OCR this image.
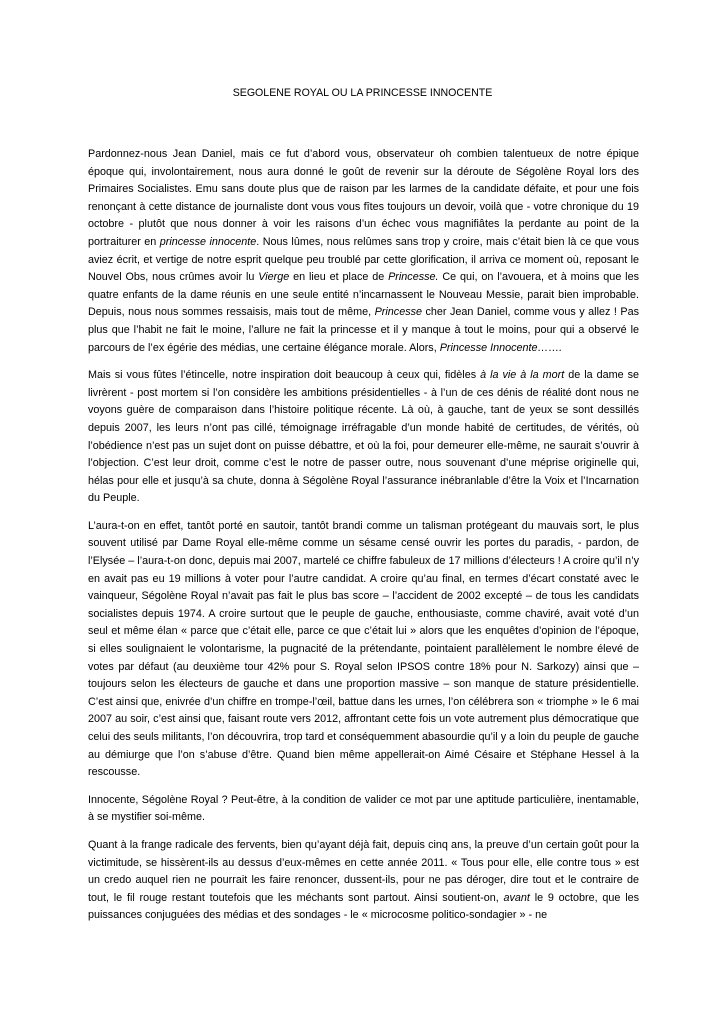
SEGOLENE ROYAL OU LA PRINCESSE INNOCENTE

Pardonnez-nous Jean Daniel, mais ce fut d’abord vous, observateur oh combien talentueux de notre épique époque qui, involontairement, nous aura donné le goût de revenir sur la déroute de Ségolène Royal lors des Primaires Socialistes. Emu sans doute plus que de raison par les larmes de la candidate défaite, et pour une fois renonçant à cette distance de journaliste dont vous vous fîtes toujours un devoir, voilà que - votre chronique du 19 octobre - plutôt que nous donner à voir les raisons d’un échec vous magnifiâtes la perdante au point de la portraiturer en princesse innocente. Nous lûmes, nous relûmes sans trop y croire, mais c’était bien là ce que vous aviez écrit, et vertige de notre esprit quelque peu troublé par cette glorification, il arriva ce moment où, reposant le Nouvel Obs, nous crûmes avoir lu Vierge en lieu et place de Princesse. Ce qui, on l’avouera, et à moins que les quatre enfants de la dame réunis en une seule entité n’incarnassent le Nouveau Messie, parait bien improbable. Depuis, nous nous sommes ressaisis, mais tout de même, Princesse cher Jean Daniel, comme vous y allez ! Pas plus que l’habit ne fait le moine, l’allure ne fait la princesse et il y manque à tout le moins, pour qui a observé le parcours de l’ex égérie des médias, une certaine élégance morale. Alors, Princesse Innocente…….

Mais si vous fûtes l’étincelle, notre inspiration doit beaucoup à ceux qui, fidèles à la vie à la mort de la dame se livrèrent - post mortem si l’on considère les ambitions présidentielles - à l’un de ces dénis de réalité dont nous ne voyons guère de comparaison dans l’histoire politique récente. Là où, à gauche, tant de yeux se sont dessillés depuis 2007, les leurs n’ont pas cillé, témoignage irréfragable d’un monde habité de certitudes, de vérités, où l’obédience n’est pas un sujet dont on puisse débattre, et où la foi, pour demeurer elle-même, ne saurait s’ouvrir à l’objection. C’est leur droit, comme c’est le notre de passer outre, nous souvenant d’une méprise originelle qui, hélas pour elle et jusqu’à sa chute, donna à Ségolène Royal l’assurance inébranlable d’être la Voix et l’Incarnation du Peuple.

L’aura-t-on en effet, tantôt porté en sautoir, tantôt brandi comme un talisman protégeant du mauvais sort, le plus souvent utilisé par Dame Royal elle-même comme un sésame censé ouvrir les portes du paradis, - pardon, de l’Elysée – l’aura-t-on donc, depuis mai 2007, martelé ce chiffre fabuleux de 17 millions d’électeurs ! A croire qu’il n’y en avait pas eu 19 millions à voter pour l’autre candidat. A croire qu’au final, en termes d’écart constaté avec le vainqueur, Ségolène Royal n’avait pas fait le plus bas score – l’accident de 2002 excepté – de tous les candidats socialistes depuis 1974. A croire surtout que le peuple de gauche, enthousiaste, comme chaviré, avait voté d’un seul et même élan « parce que c’était elle, parce ce que c’était lui » alors que les enquêtes d’opinion de l’époque, si elles soulignaient le volontarisme, la pugnacité de la prétendante, pointaient parallèlement le nombre élevé de votes par défaut (au deuxième tour 42% pour S. Royal selon IPSOS contre 18% pour N. Sarkozy) ainsi que –toujours selon les électeurs de gauche et dans une proportion massive – son manque de stature présidentielle. C’est ainsi que, enivrée d’un chiffre en trompe-l’œil, battue dans les urnes, l’on célébrera son « triomphe » le 6 mai 2007 au soir, c’est ainsi que, faisant route vers 2012, affrontant cette fois un vote autrement plus démocratique que celui des seuls militants, l’on découvrira, trop tard et conséquemment abasourdie qu’il y a loin du peuple de gauche au démiurge que l’on s’abuse d’être. Quand bien même appellerait-on Aimé Césaire et Stéphane Hessel à la rescousse.

Innocente, Ségolène Royal ? Peut-être, à la condition de valider ce mot par une aptitude particulière, inentamable, à se mystifier soi-même.

Quant à la frange radicale des fervents, bien qu’ayant déjà fait, depuis cinq ans, la preuve d’un certain goût pour la victimitude, se hissèrent-ils au dessus d’eux-mêmes en cette année 2011. « Tous pour elle, elle contre tous » est un credo auquel rien ne pourrait les faire renoncer, dussent-ils, pour ne pas déroger, dire tout et le contraire de tout, le fil rouge restant toutefois que les méchants sont partout. Ainsi soutient-on, avant le 9 octobre, que les puissances conjuguées des médias et des sondages - le « microcosme politico-sondagier » - ne
